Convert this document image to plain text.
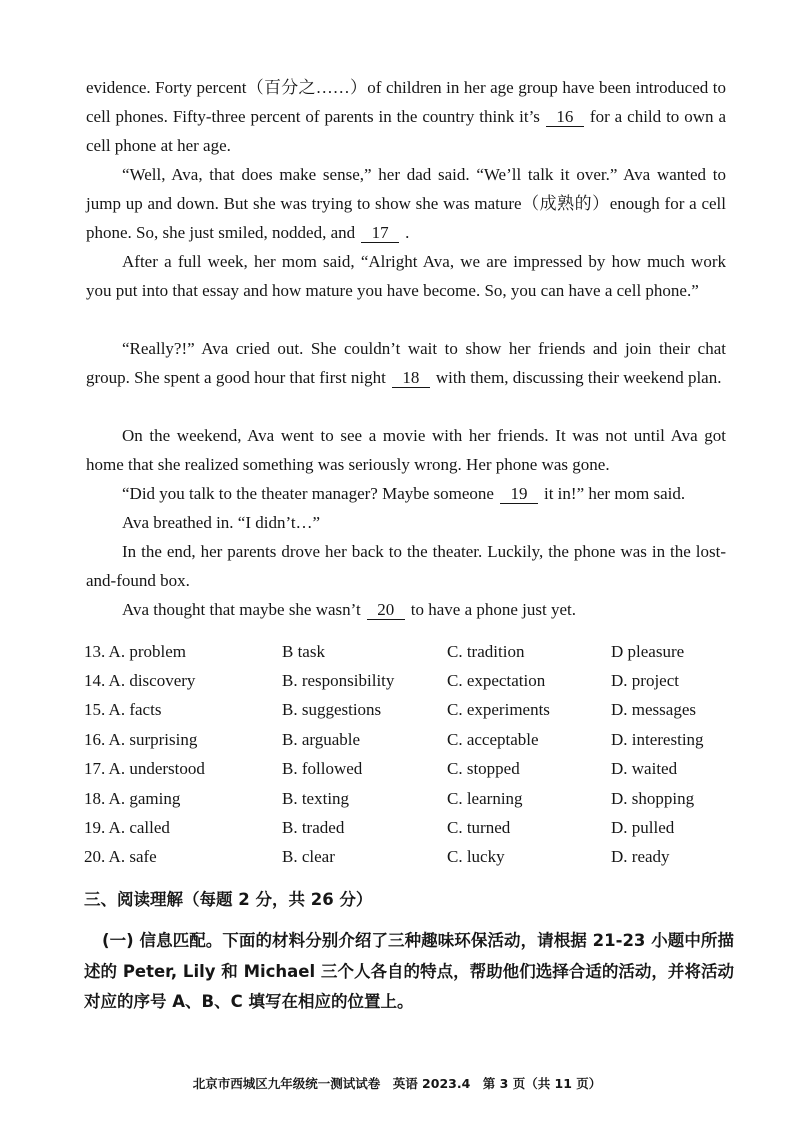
evidence. Forty percent（百分之……）of children in her age group have been introduced to cell phones. Fifty-three percent of parents in the country think it’s 16 for a child to own a cell phone at her age.

“Well, Ava, that does make sense,” her dad said. “We’ll talk it over.” Ava wanted to jump up and down. But she was trying to show she was mature（成熟的）enough for a cell phone. So, she just smiled, nodded, and 17 .

After a full week, her mom said, “Alright Ava, we are impressed by how much work you put into that essay and how mature you have become. So, you can have a cell phone.”

“Really?!” Ava cried out. She couldn’t wait to show her friends and join their chat group. She spent a good hour that first night 18 with them, discussing their weekend plan.

On the weekend, Ava went to see a movie with her friends. It was not until Ava got home that she realized something was seriously wrong. Her phone was gone.

“Did you talk to the theater manager? Maybe someone 19 it in!” her mom said.

Ava breathed in. “I didn’t…”

In the end, her parents drove her back to the theater. Luckily, the phone was in the lost-and-found box.

Ava thought that maybe she wasn’t 20 to have a phone just yet.

13. A. problem	B task	C. tradition	D pleasure
14. A. discovery	B. responsibility	C. expectation	D. project
15. A. facts	B. suggestions	C. experiments	D. messages
16. A. surprising	B. arguable	C. acceptable	D. interesting
17. A. understood	B. followed	C. stopped	D. waited
18. A. gaming	B. texting	C. learning	D. shopping
19. A. called	B. traded	C. turned	D. pulled
20. A. safe	B. clear	C. lucky	D. ready

三、阅读理解（每题 2 分，共 26 分）

(一) 信息匹配。下面的材料分别介绍了三种趣味环保活动，请根据 21-23 小题中所描述的 Peter, Lily 和 Michael 三个人各自的特点，帮助他们选择合适的活动，并将活动对应的序号 A、B、C 填写在相应的位置上。

北京市西城区九年级统一测试试卷　英语 2023.4　第 3 页（共 11 页）
